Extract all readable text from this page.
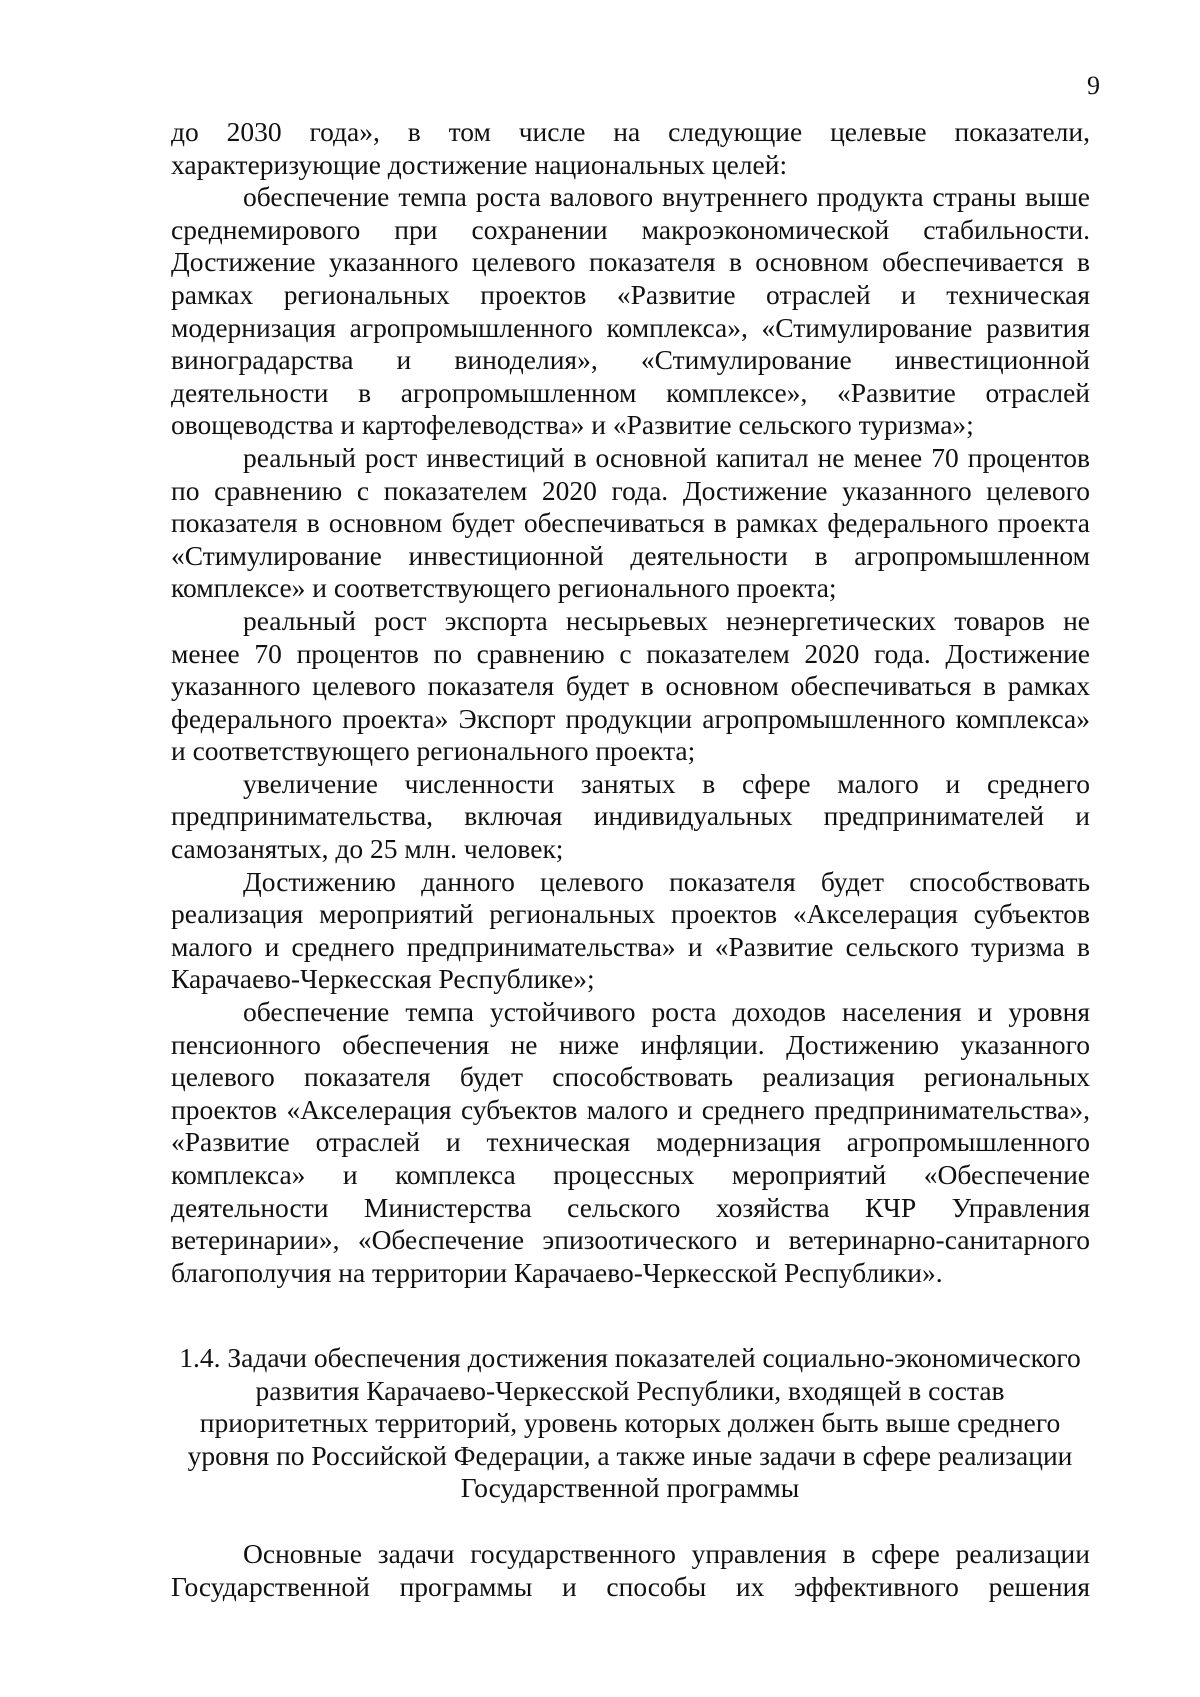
9

до 2030 года», в том числе на следующие целевые показатели, характеризующие достижение национальных целей:

обеспечение темпа роста валового внутреннего продукта страны выше среднемирового при сохранении макроэкономической стабильности. Достижение указанного целевого показателя в основном обеспечивается в рамках региональных проектов «Развитие отраслей и техническая модернизация агропромышленного комплекса», «Стимулирование развития виноградарства и виноделия», «Стимулирование инвестиционной деятельности в агропромышленном комплексе», «Развитие отраслей овощеводства и картофелеводства» и «Развитие сельского туризма»;

реальный рост инвестиций в основной капитал не менее 70 процентов по сравнению с показателем 2020 года. Достижение указанного целевого показателя в основном будет обеспечиваться в рамках федерального проекта «Стимулирование инвестиционной деятельности в агропромышленном комплексе» и соответствующего регионального проекта;

реальный рост экспорта несырьевых неэнергетических товаров не менее 70 процентов по сравнению с показателем 2020 года. Достижение указанного целевого показателя будет в основном обеспечиваться в рамках федерального проекта» Экспорт продукции агропромышленного комплекса» и соответствующего регионального проекта;

увеличение численности занятых в сфере малого и среднего предпринимательства, включая индивидуальных предпринимателей и самозанятых, до 25 млн. человек;

Достижению данного целевого показателя будет способствовать реализация мероприятий региональных проектов «Акселерация субъектов малого и среднего предпринимательства» и «Развитие сельского туризма в Карачаево-Черкесская Республике»;

обеспечение темпа устойчивого роста доходов населения и уровня пенсионного обеспечения не ниже инфляции. Достижению указанного целевого показателя будет способствовать реализация региональных проектов «Акселерация субъектов малого и среднего предпринимательства», «Развитие отраслей и техническая модернизация агропромышленного комплекса» и комплекса процессных мероприятий «Обеспечение деятельности Министерства сельского хозяйства КЧР Управления ветеринарии», «Обеспечение эпизоотического и ветеринарно-санитарного благополучия на территории Карачаево-Черкесской Республики».

1.4. Задачи обеспечения достижения показателей социально-экономического

развития Карачаево-Черкесской Республики, входящей в состав

приоритетных территорий, уровень которых должен быть выше среднего

уровня по Российской Федерации, а также иные задачи в сфере реализации

Государственной программы

Основные задачи государственного управления в сфере реализации Государственной программы и способы их эффективного решения
